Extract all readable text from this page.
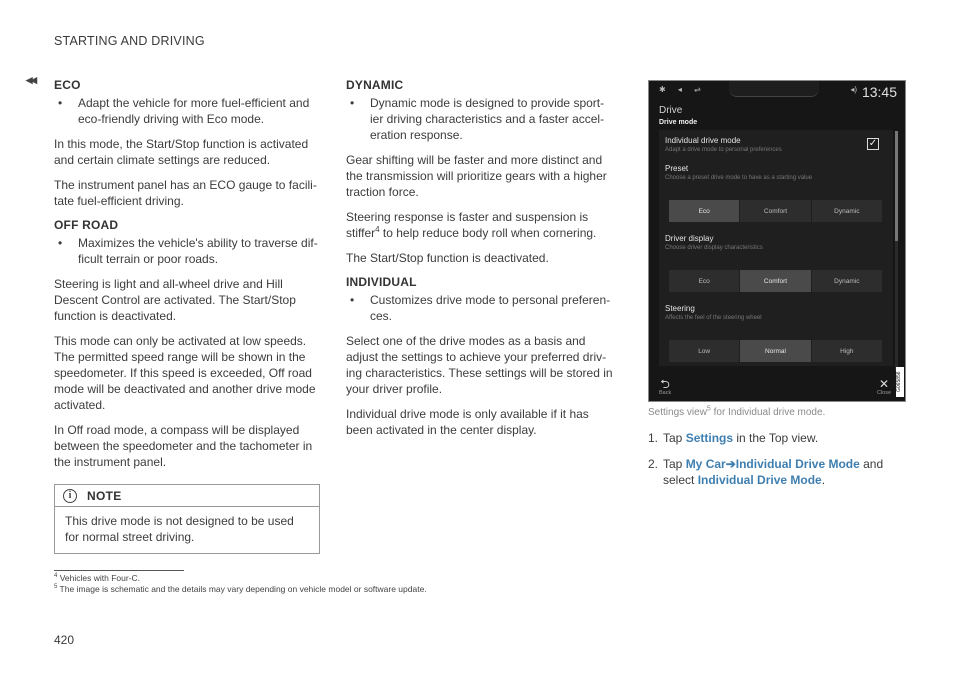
STARTING AND DRIVING
◂◂ ECO
• Adapt the vehicle for more fuel-efficient and eco-friendly driving with Eco mode.

In this mode, the Start/Stop function is activated and certain climate settings are reduced.

The instrument panel has an ECO gauge to facili-tate fuel-efficient driving.

OFF ROAD
• Maximizes the vehicle's ability to traverse dif-ficult terrain or poor roads.

Steering is light and all-wheel drive and Hill Descent Control are activated. The Start/Stop function is deactivated.

This mode can only be activated at low speeds. The permitted speed range will be shown in the speedometer. If this speed is exceeded, Off road mode will be deactivated and another drive mode activated.

In Off road mode, a compass will be displayed between the speedometer and the tachometer in the instrument panel.

i	NOTE
This drive mode is not designed to be used for normal street driving.
DYNAMIC
• Dynamic mode is designed to provide sport-ier driving characteristics and a faster accel-eration response.

Gear shifting will be faster and more distinct and the transmission will prioritize gears with a higher traction force.

Steering response is faster and suspension is stiffer$^4$ to help reduce body roll when cornering.

The Start/Stop function is deactivated.

INDIVIDUAL
• Customizes drive mode to personal preferen-ces.

Select one of the drive modes as a basis and adjust the settings to achieve your preferred driv-ing characteristics. These settings will be stored in your driver profile.

Individual drive mode is only available if it has been activated in the center display.

✱ ◂ ⇌	◂) 13:45
Drive
Drive mode
Individual drive mode
Adapt a drive mode to personal preferences
✓
Preset
Choose a preset drive mode to have as a starting value
Eco	Comfort	Dynamic
Driver display
Choose driver display characteristics
Eco	Comfort	Dynamic
Steering
Affects the feel of the steering wheel
Low	Normal	High
⮌
Back
✕
Close
G065856
Settings view$^5$ for Individual drive mode.
1. Tap Settings in the Top view.
2. Tap My Car➔Individual Drive Mode and select Individual Drive Mode.
$^4$ Vehicles with Four-C.
$^5$ The image is schematic and the details may vary depending on vehicle model or software update.
420
